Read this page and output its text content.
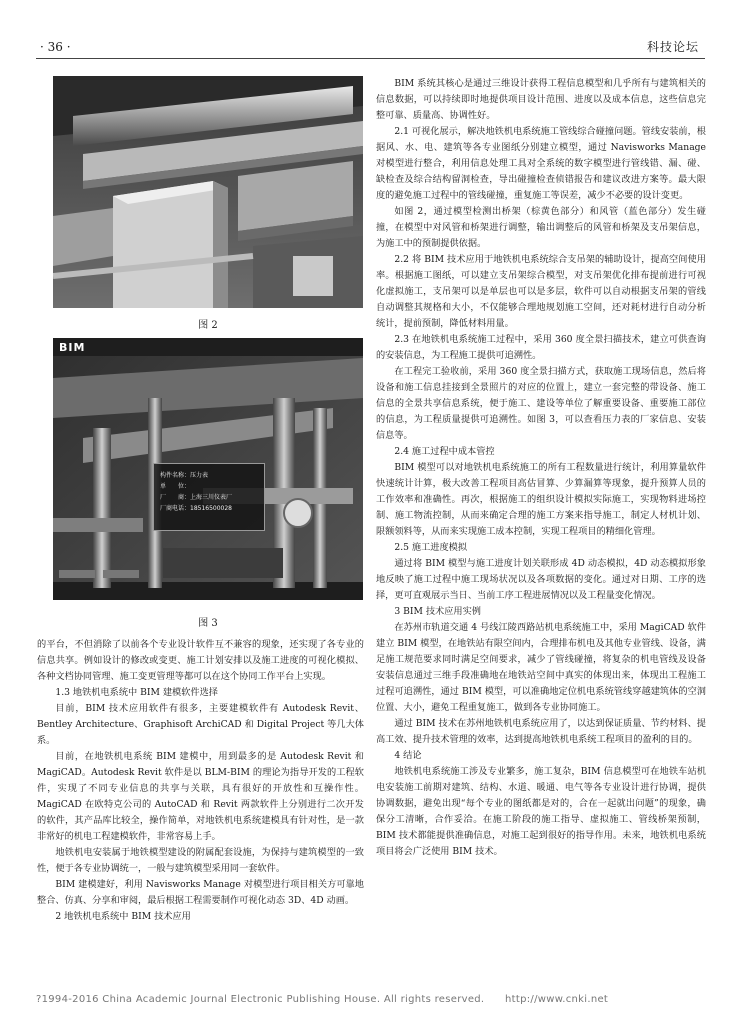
· 36 ·	科技论坛
图 2
BIM
构件名称：压力表
单　　位：
厂　　商：上海三川仪表厂
厂商电话：18516500028
图 3

的平台，不但消除了以前各个专业设计软件互不兼容的现象，还实现了各专业的信息共享。例如设计的修改或变更、施工计划安排以及施工进度的可视化模拟、各种文档协同管理、施工变更管理等都可以在这个协同工作平台上实现。

1.3 地铁机电系统中 BIM 建模软件选择

目前，BIM 技术应用软件有很多，主要建模软件有 Autodesk Revit、Bentley Architecture、Graphisoft ArchiCAD 和 Digital Project 等几大体系。

目前，在地铁机电系统 BIM 建模中，用到最多的是 Autodesk Revit 和 MagiCAD。Autodesk Revit 软件是以 BLM-BIM 的理论为指导开发的工程软件，实现了不同专业信息的共享与关联，具有很好的开放性和互操作性。MagiCAD 在欧特克公司的 AutoCAD 和 Revit 两款软件上分别进行二次开发的软件，其产品库比较全，操作简单，对地铁机电系统建模具有针对性，是一款非常好的机电工程建模软件，非常容易上手。

地铁机电安装属于地铁模型建设的附属配套设施，为保持与建筑模型的一致性，便于各专业协调统一，一般与建筑模型采用同一套软件。

BIM 建模建好，利用 Navisworks Manage 对模型进行项目相关方可靠地整合、仿真、分享和审阅，最后根据工程需要制作可视化动态 3D、4D 动画。

2 地铁机电系统中 BIM 技术应用

BIM 系统其核心是通过三维设计获得工程信息模型和几乎所有与建筑相关的信息数据，可以持续即时地提供项目设计范围、进度以及成本信息，这些信息完整可靠、质量高、协调性好。

2.1 可视化展示，解决地铁机电系统施工管线综合碰撞问题。管线安装前，根据风、水、电、建筑等各专业图纸分别建立模型，通过 Navisworks Manage 对模型进行整合，利用信息处理工具对全系统的数字模型进行管线错、漏、碰、缺检查及综合结构留洞检查，导出碰撞检查侦错报告和建议改进方案等。最大限度的避免施工过程中的管线碰撞，重复施工等误差，减少不必要的设计变更。

如图 2，通过模型检测出桥架（棕黄色部分）和风管（蓝色部分）发生碰撞，在模型中对风管和桥架进行调整，输出调整后的风管和桥架及支吊架信息，为施工中的预制提供依据。

2.2 将 BIM 技术应用于地铁机电系统综合支吊架的辅助设计，提高空间使用率。根据施工图纸，可以建立支吊架综合模型，对支吊架优化排布提前进行可视化虚拟施工，支吊架可以是单层也可以是多层，软件可以自动根据支吊架的管线自动调整其规格和大小，不仅能够合理地规划施工空间，还对耗材进行自动分析统计，提前预制，降低材料用量。

2.3 在地铁机电系统施工过程中，采用 360 度全景扫描技术，建立可供查询的安装信息，为工程施工提供可追溯性。

在工程完工验收前，采用 360 度全景扫描方式，获取施工现场信息，然后将设备和施工信息挂接到全景照片的对应的位置上，建立一套完整的带设备、施工信息的全景共享信息系统，便于施工、建设等单位了解重要设备、重要施工部位的信息，为工程质量提供可追溯性。如图 3，可以查看压力表的厂家信息、安装信息等。

2.4 施工过程中成本管控

BIM 模型可以对地铁机电系统施工的所有工程数量进行统计，利用算量软件快速统计计算，极大改善工程项目高估冒算、少算漏算等现象，提升预算人员的工作效率和准确性。再次，根据施工的组织设计模拟实际施工，实现物料进场控制、施工物流控制，从而来确定合理的施工方案来指导施工，制定人材机计划、限额领料等，从而来实现施工成本控制，实现工程项目的精细化管理。

2.5 施工进度模拟

通过将 BIM 模型与施工进度计划关联形成 4D 动态模拟，4D 动态模拟形象地反映了施工过程中施工现场状况以及各项数据的变化。通过对日期、工序的选择，更可直观展示当日、当前工序工程进展情况以及工程量变化情况。

3 BIM 技术应用实例

在苏州市轨道交通 4 号线江陵西路站机电系统施工中，采用 MagiCAD 软件建立 BIM 模型，在地铁站有限空间内，合理排布机电及其他专业管线、设备，满足施工规范要求同时满足空间要求，减少了管线碰撞，将复杂的机电管线及设备安装信息通过三维手段准确地在地铁站空间中真实的体现出来，体现出工程施工过程可追溯性，通过 BIM 模型，可以准确地定位机电系统管线穿越建筑体的空洞位置、大小，避免工程重复施工，做到各专业协同施工。

通过 BIM 技术在苏州地铁机电系统应用了，以达到保证质量、节约材料、提高工效、提升技术管理的效率，达到提高地铁机电系统工程项目的盈利的目的。

4 结论

地铁机电系统施工涉及专业繁多，施工复杂，BIM 信息模型可在地铁车站机电安装施工前期对建筑、结构、水道、暖通、电气等各专业设计进行协调，提供协调数据，避免出现“每个专业的图纸都是对的，合在一起就出问题”的现象，确保分工清晰，合作妥洽。在施工阶段的施工指导、虚拟施工、管线桥架预制，BIM 技术都能提供准确信息，对施工起到很好的指导作用。未来，地铁机电系统项目将会广泛使用 BIM 技术。

?1994-2016 China Academic Journal Electronic Publishing House. All rights reserved.　　http://www.cnki.net
